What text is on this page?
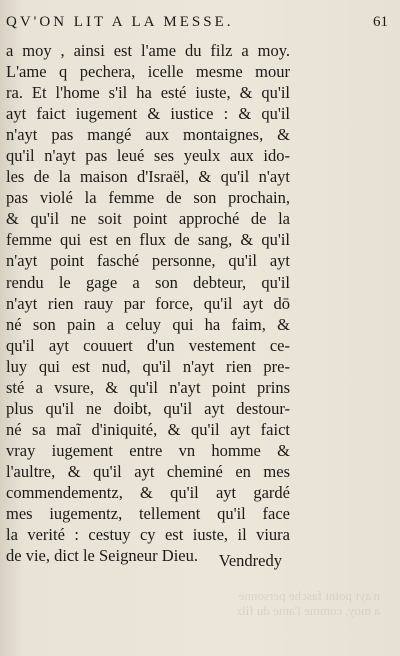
n'ayt point fasché personne
a moy, comme l'ame du filz
QV'ON LIT A LA MESSE.	61
a moy , ainsi est l'ame du filz a moy.
L'ame q pechera, icelle mesme mour
ra. Et l'home s'il ha esté iuste, & qu'il
ayt faict iugement & iustice : & qu'il
n'ayt pas mangé aux montaignes, &
qu'il n'ayt pas leué ses yeulx aux ido-
les de la maison d'Israël, & qu'il n'ayt
pas violé la femme de son prochain,
& qu'il ne soit point approché de la
femme qui est en flux de sang, & qu'il
n'ayt point fasché personne, qu'il ayt
rendu le gage a son debteur, qu'il
n'ayt rien rauy par force, qu'il ayt dō
né son pain a celuy qui ha faim, &
qu'il ayt couuert d'un vestement ce-
luy qui est nud, qu'il n'ayt rien pre-
sté a vsure, & qu'il n'ayt point prins
plus qu'il ne doibt, qu'il ayt destour-
né sa maĩ d'iniquité, & qu'il ayt faict
vray iugement entre vn homme &
l'aultre, & qu'il ayt cheminé en mes
commendementz, & qu'il ayt gardé
mes iugementz, tellement qu'il face
la verité : cestuy cy est iuste, il viura
de vie, dict le Seigneur Dieu.	Vendredy
